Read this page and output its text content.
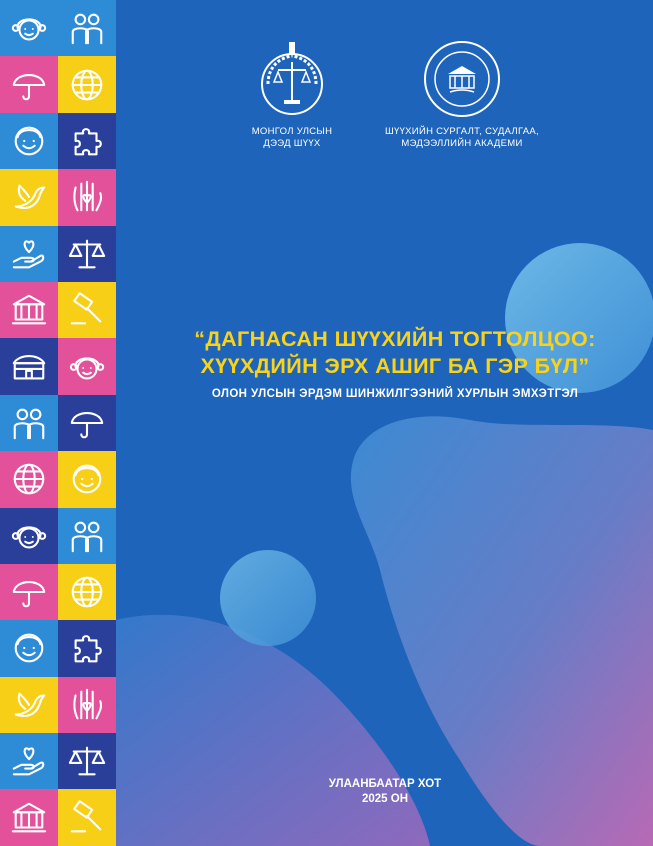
МОНГОЛ УЛСЫН
ДЭЭД ШҮҮХ
ШҮҮХИЙН СУРГАЛТ, СУДАЛГАА,
МЭДЭЭЛЛИЙН АКАДЕМИ
“ДАГНАСАН ШҮҮХИЙН ТОГТОЛЦОО:
ХҮҮХДИЙН ЭРХ АШИГ БА ГЭР БҮЛ”
ОЛОН УЛСЫН ЭРДЭМ ШИНЖИЛГЭЭНИЙ ХУРЛЫН ЭМХЭТГЭЛ
УЛААНБААТАР ХОТ
2025 ОН
